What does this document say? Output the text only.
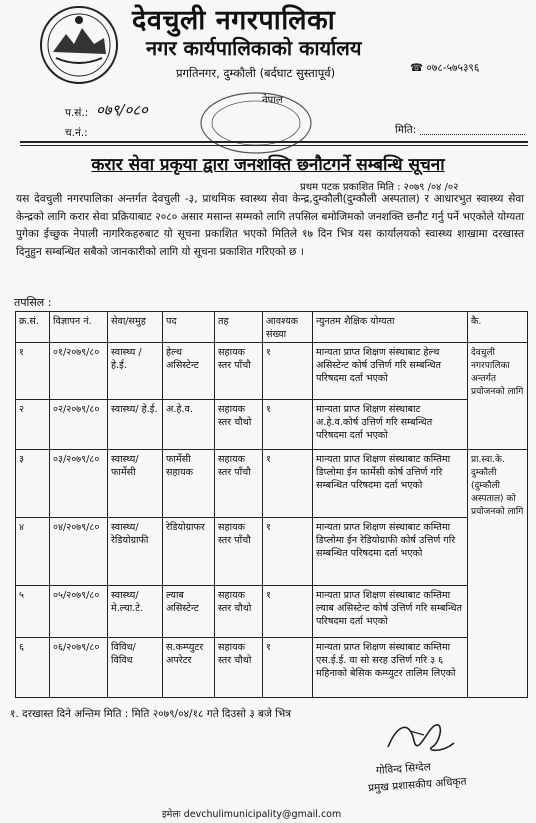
देवचुली नगरपालिका
नगर कार्यपालिकाको कार्यालय
प्रगतिनगर, दुम्कौली (बर्दघाट सुस्तापूर्व)	☎ ०७८-५७५३९६
नेपाल
प.सं.: ०७९/०८०
च.नं.:	मिति:
करार सेवा प्रकृया द्वारा जनशक्ति छनौटगर्ने सम्बन्धि सूचना
प्रथम पटक प्रकाशित मिति : २०७९ /०४ /०२
यस देवचुली नगरपालिका अन्तर्गत देवचुली -३, प्राथमिक स्वास्थ्य सेवा केन्द्र,दुम्कौली(दुम्कौली अस्पताल) र आधारभुत स्वास्थ्य सेवा केन्द्रको लागि करार सेवा प्रक्रियाबाट २०८० असार मसान्त सम्मको लागि तपसिल बमोजिमको जनशक्ति छनौट गर्नु पर्ने भएकोले योग्यता पुगेका ईच्छुक नेपाली नागरिकहरुबाट यो सूचना प्रकाशित भएको मितिले १७ दिन भित्र यस कार्यालयको स्वास्थ्य शाखामा दरखास्त दिनुहुन सम्बन्धित सबैको जानकारीको लागि यो सूचना प्रकाशित गरिएको छ ।
तपसिल :
क्र.सं.	विज्ञापन नं.	सेवा/समुह	पद	तह	आवश्यक संख्या	न्युनतम शैक्षिक योग्यता	कै.
१	०१/२०७९/८०	स्वास्थ्य / हे.ई.	हेल्थ असिस्टेन्ट	सहायक स्तर पाँचौ	१	मान्यता प्राप्त शिक्षण संस्थाबाट हेल्थ असिस्टेन्ट कोर्ष उत्तिर्ण गरि सम्बन्धित परिषदमा दर्ता भएको	देवचुली नगरपालिका अन्तर्गत प्रयोजनको लागि
२	०२/२०७९/८०	स्वास्थ्य/ हे.ई.	अ.हे.व.	सहायक स्तर चौथो	१	मान्यता प्राप्त शिक्षण संस्थाबाट अ.हे.व.कोर्ष उत्तिर्ण गरि सम्बन्धित परिषदमा दर्ता भएको	
३	०३/२०७९/८०	स्वास्थ्य/ फार्मेसी	फार्मेसी सहायक	सहायक स्तर पाँचौ	१	मान्यता प्राप्त शिक्षण संस्थाबाट कम्तिमा डिप्लोमा ईन फार्मेसी कोर्ष उत्तिर्ण गरि सम्बन्धित परिषदमा दर्ता भएको	प्रा.स्वा.के. दुम्कौली (दुम्कौली अस्पताल) को प्रयोजनको लागि
४	०४/२०७९/८०	स्वास्थ्य/ रेडियोग्राफी	रेडियोग्राफर	सहायक स्तर पाँचौ	१	मान्यता प्राप्त शिक्षण संस्थाबाट कम्तिमा डिप्लोमा ईन रेडियोग्राफी कोर्ष उत्तिर्ण गरि सम्बन्धित परिषदमा दर्ता भएको	
५	०५/२०७९/८०	स्वास्थ्य/ मे.ल्या.टे.	ल्याब असिस्टेन्ट	सहायक स्तर चौथो	१	मान्यता प्राप्त शिक्षण संस्थाबाट कम्तिमा ल्याब असिस्टेन्ट कोर्ष उत्तिर्ण गरि सम्बन्धित परिषदमा दर्ता भएको	
६	०६/२०७९/८०	विविध/ विविध	स.कम्प्युटर अपरेटर	सहायक स्तर चौथो	१	मान्यता प्राप्त शिक्षण संस्थाबाट कम्तिमा एस.ई.ई. वा सो सरह उत्तिर्ण गरि ३ ६ महिनाको बेसिक कम्प्युटर तालिम लिएको	
१. दरखास्त दिने अन्तिम मिति : मिति २०७९/०४/१८ गते दिउसो ३ बजे भित्र
गोविन्द सिग्देल
प्रमुख प्रशासकीय अधिकृत
इमेलः devchulimunicipality@gmail.com
